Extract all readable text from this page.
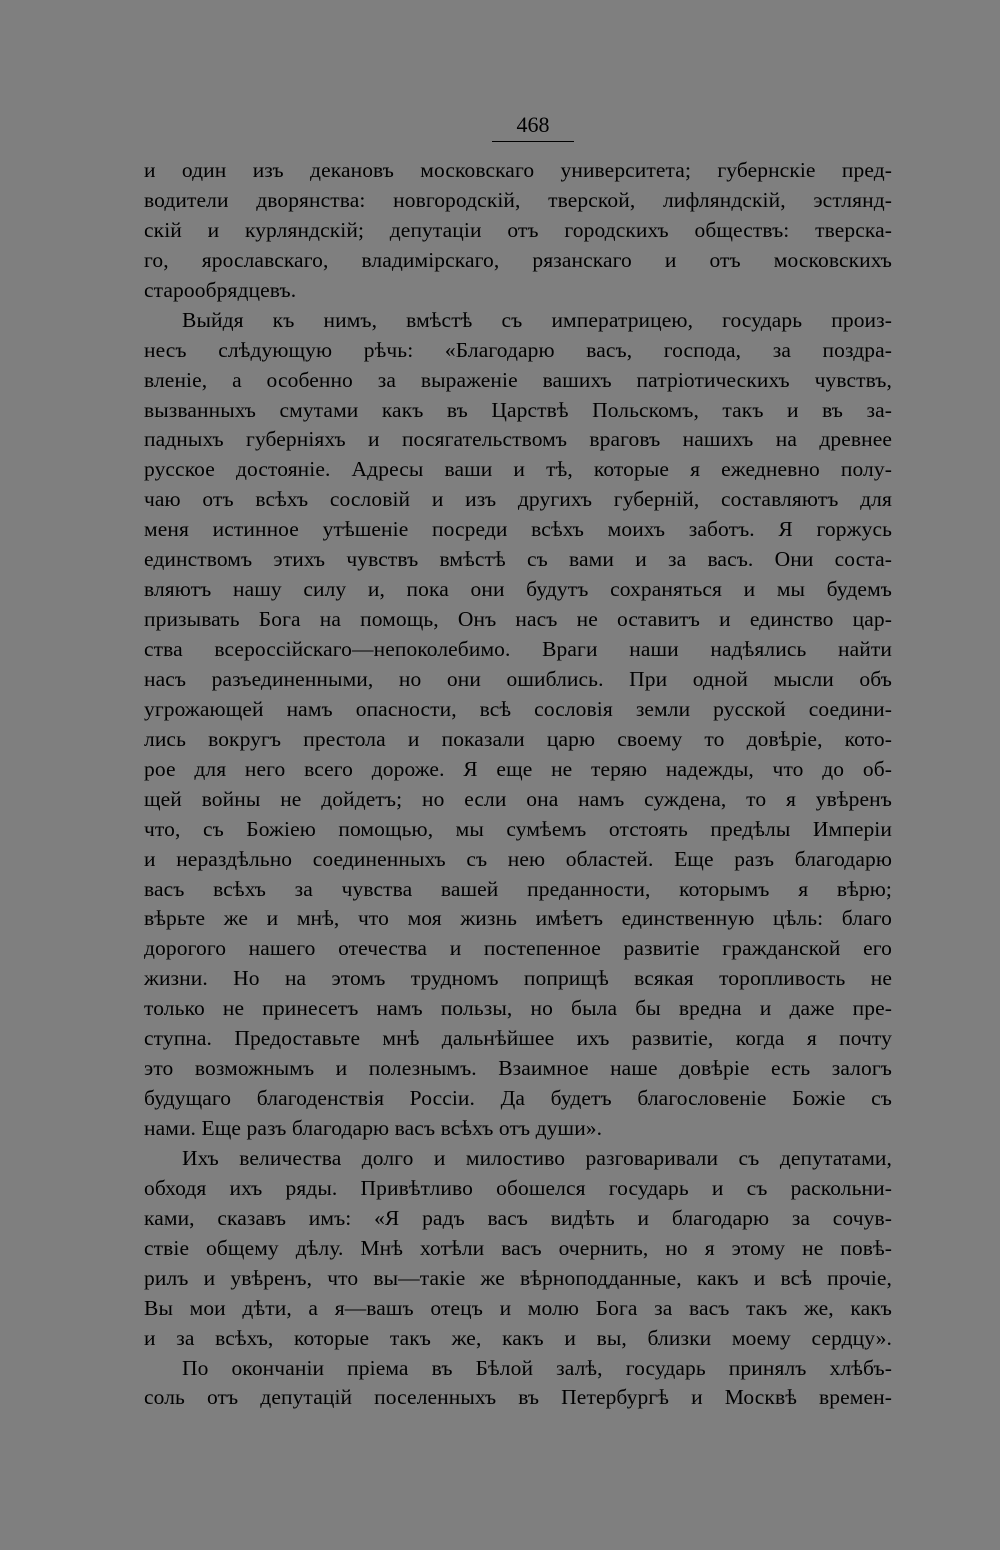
468
и один изъ декановъ московскаго университета; губернскіе пред-
водители дворянства: новгородскій, тверской, лифляндскій, эстлянд-
скій и курляндскій; депутаціи отъ городскихъ обществъ: тверска-
го, ярославскаго, владимірскаго, рязанскаго и отъ московскихъ
старообрядцевъ.
Выйдя къ нимъ, вмѣстѣ съ императрицею, государь произ-
несъ слѣдующую рѣчь: «Благодарю васъ, господа, за поздра-
вленіе, а особенно за выраженіе вашихъ патріотическихъ чувствъ,
вызванныхъ смутами какъ въ Царствѣ Польскомъ, такъ и въ за-
падныхъ губерніяхъ и посягательствомъ враговъ нашихъ на древнее
русское достояніе. Адресы ваши и тѣ, которые я ежедневно полу-
чаю отъ всѣхъ сословій и изъ другихъ губерній, составляютъ для
меня истинное утѣшеніе посреди всѣхъ моихъ заботъ. Я горжусь
единствомъ этихъ чувствъ вмѣстѣ съ вами и за васъ. Они соста-
вляютъ нашу силу и, пока они будутъ сохраняться и мы будемъ
призывать Бога на помощь, Онъ насъ не оставитъ и единство цар-
ства всероссійскаго—непоколебимо. Враги наши надѣялись найти
насъ разъединенными, но они ошиблись. При одной мысли объ
угрожающей намъ опасности, всѣ сословія земли русской соедини-
лись вокругъ престола и показали царю своему то довѣріе, кото-
рое для него всего дороже. Я еще не теряю надежды, что до об-
щей войны не дойдетъ; но если она намъ суждена, то я увѣренъ
что, съ Божіею помощью, мы сумѣемъ отстоять предѣлы Имперіи
и нераздѣльно соединенныхъ съ нею областей. Еще разъ благодарю
васъ всѣхъ за чувства вашей преданности, которымъ я вѣрю;
вѣрьте же и мнѣ, что моя жизнь имѣетъ единственную цѣль: благо
дорогого нашего отечества и постепенное развитіе гражданской его
жизни. Но на этомъ трудномъ поприщѣ всякая торопливость не
только не принесетъ намъ пользы, но была бы вредна и даже пре-
ступна. Предоставьте мнѣ дальнѣйшее ихъ развитіе, когда я почту
это возможнымъ и полезнымъ. Взаимное наше довѣріе есть залогъ
будущаго благоденствія Россіи. Да будетъ благословеніе Божіе съ
нами. Еще разъ благодарю васъ всѣхъ отъ души».
Ихъ величества долго и милостиво разговаривали съ депутатами,
обходя ихъ ряды. Привѣтливо обошелся государь и съ раскольни-
ками, сказавъ имъ: «Я радъ васъ видѣть и благодарю за сочув-
ствіе общему дѣлу. Мнѣ хотѣли васъ очернить, но я этому не повѣ-
рилъ и увѣренъ, что вы—такіе же вѣрноподданные, какъ и всѣ прочіе,
Вы мои дѣти, а я—вашъ отецъ и молю Бога за васъ такъ же, какъ
и за всѣхъ, которые такъ же, какъ и вы, близки моему сердцу».
По окончаніи пріема въ Бѣлой залѣ, государь принялъ хлѣбъ-
соль отъ депутацій поселенныхъ въ Петербургѣ и Москвѣ времен-
